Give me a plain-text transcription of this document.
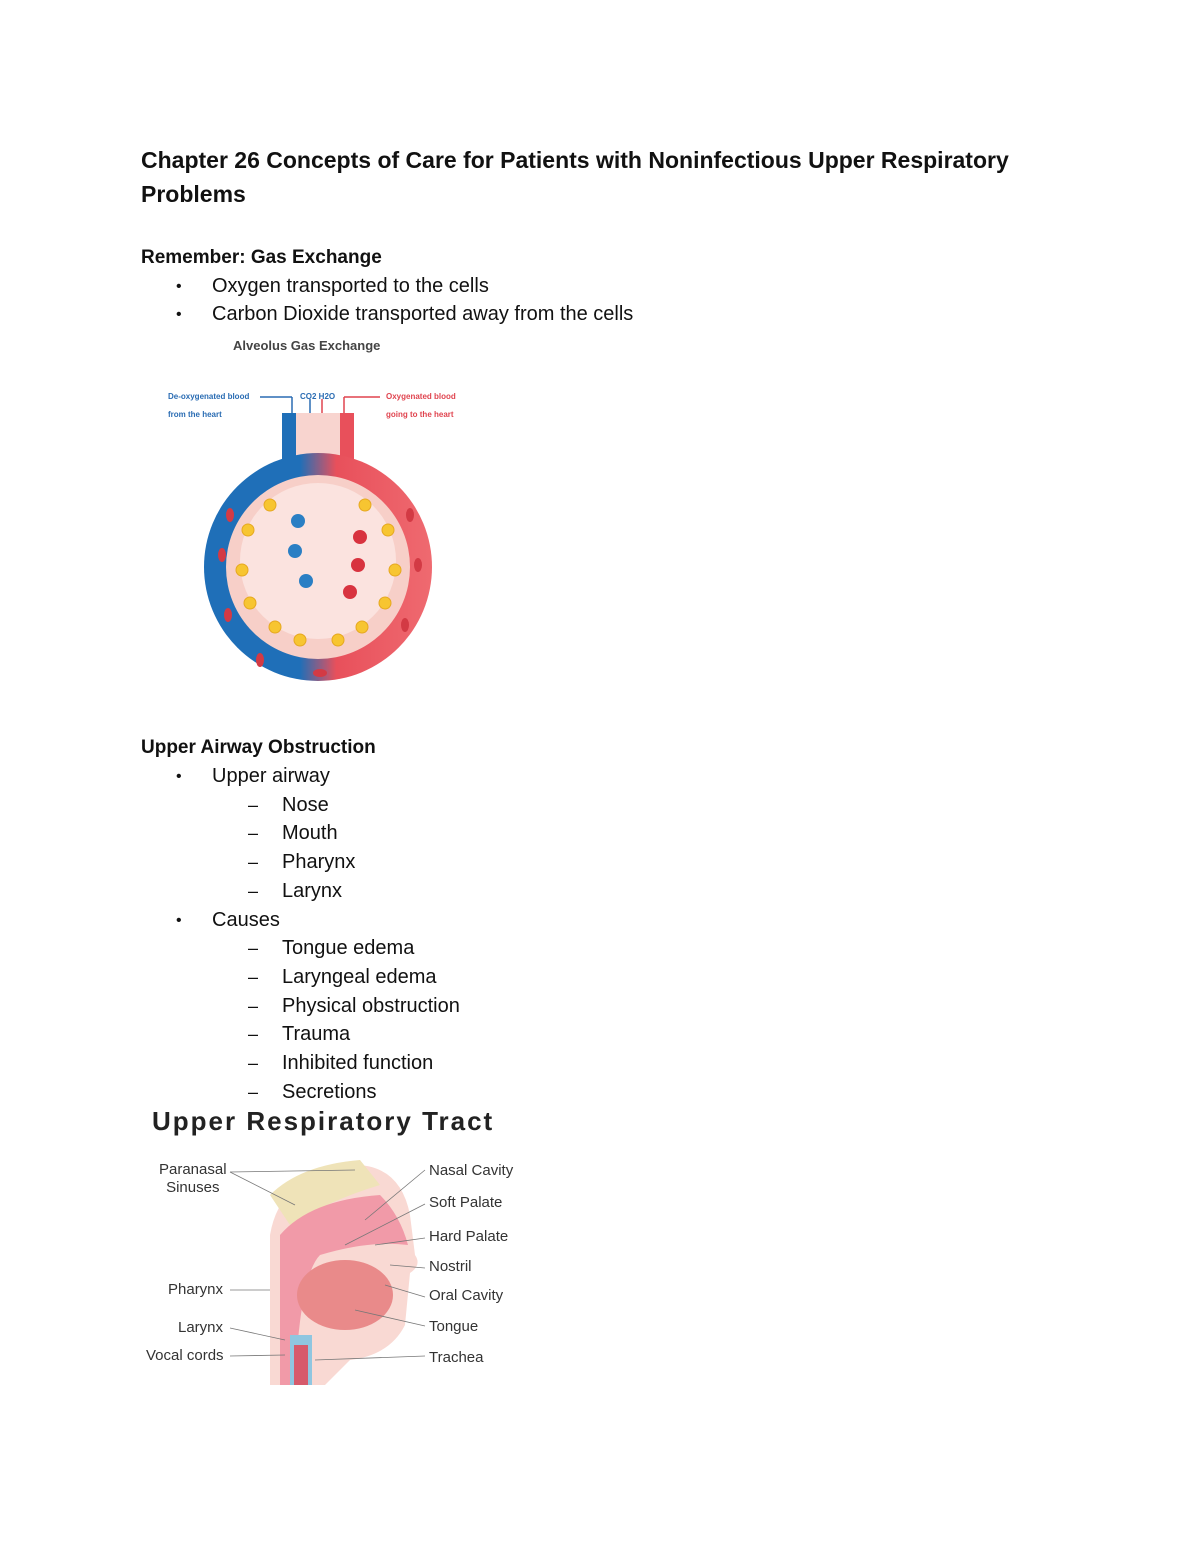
Chapter 26 Concepts of Care for Patients with Noninfectious Upper Respiratory Problems
Remember: Gas Exchange
• Oxygen transported to the cells
• Carbon Dioxide transported away from the cells
Alveolus Gas Exchange
De-oxygenated blood from the heart
CO2 H2O	Oxygenated blood going to the heart
Upper Airway Obstruction
• Upper airway
– Nose
– Mouth
– Pharynx
– Larynx
• Causes
– Tongue edema
– Laryngeal edema
– Physical obstruction
– Trauma
– Inhibited function
– Secretions
Upper Respiratory Tract
Paranasal
Sinuses
Pharynx
Larynx
Vocal cords
Nasal Cavity
Soft Palate
Hard Palate
Nostril
Oral Cavity
Tongue
Trachea
